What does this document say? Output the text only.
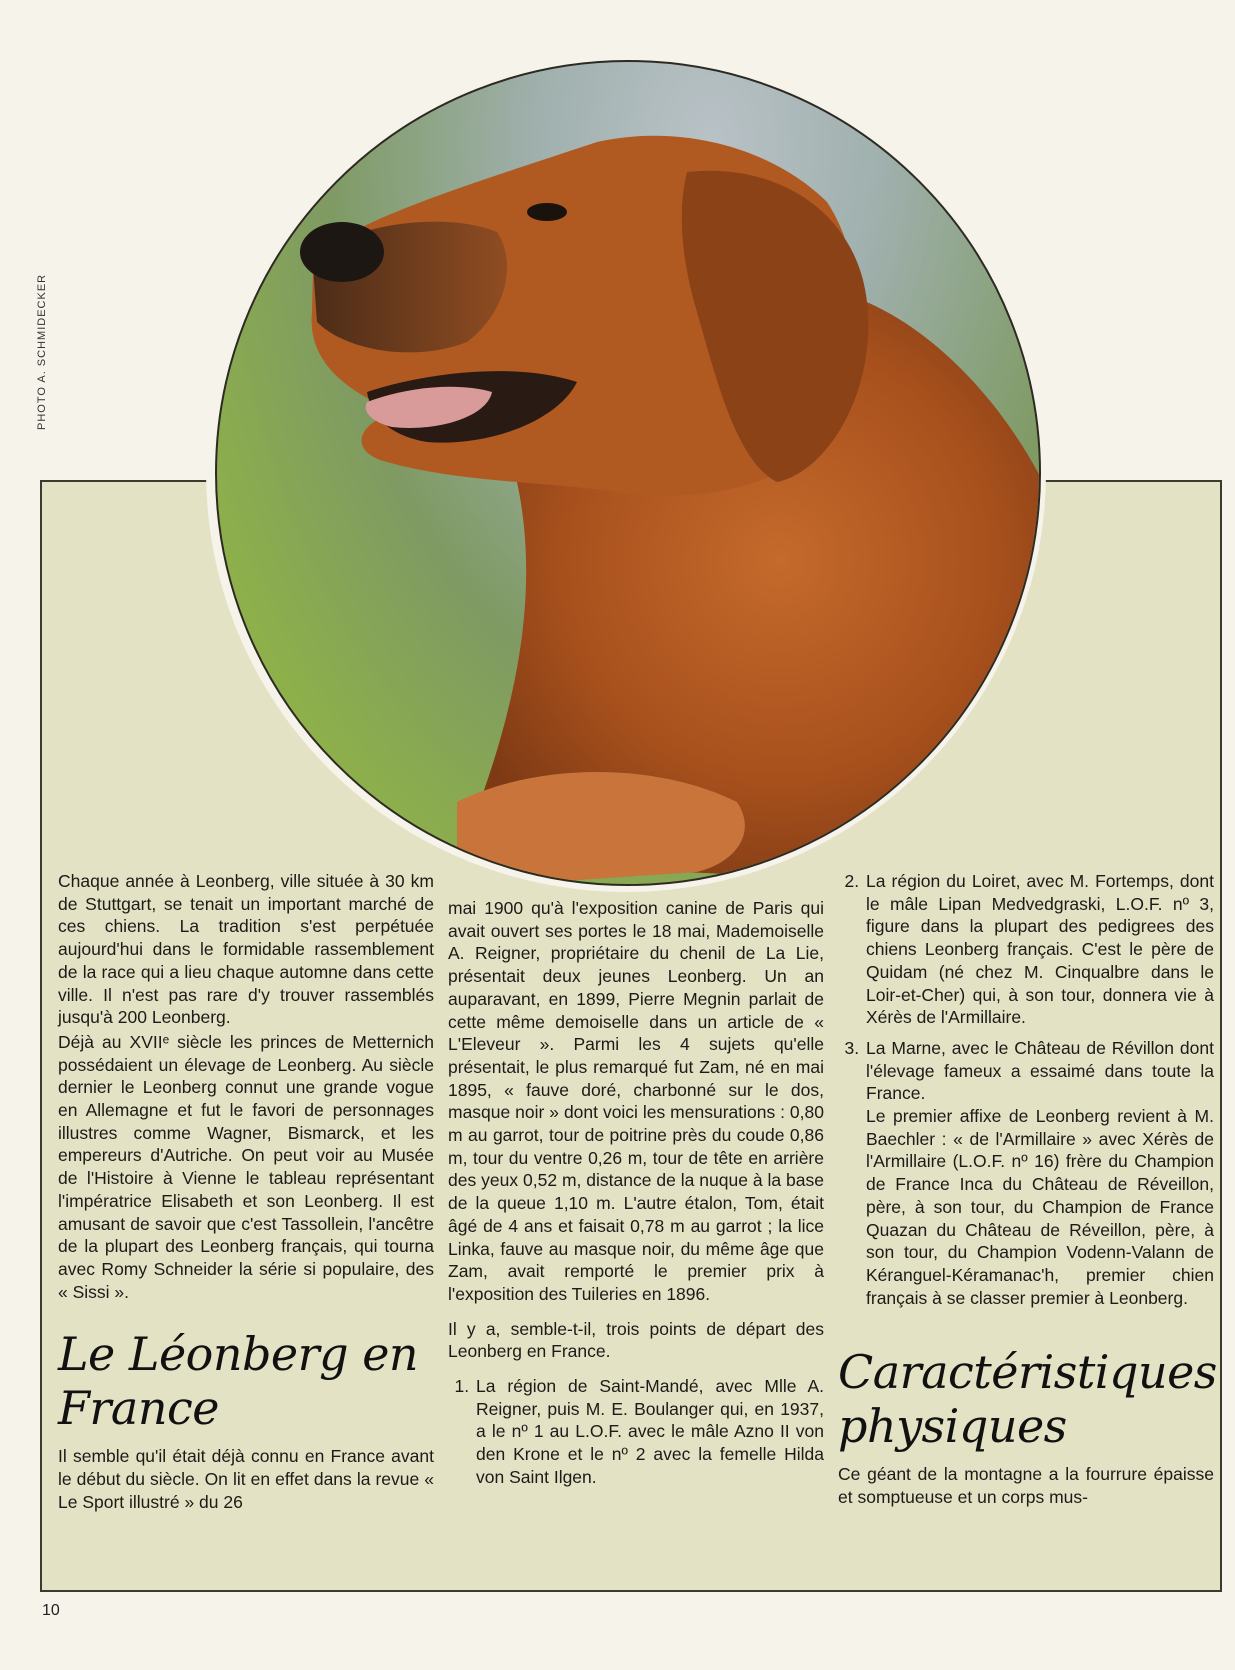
PHOTO A. SCHMIDECKER

Chaque année à Leonberg, ville située à 30 km de Stuttgart, se tenait un important marché de ces chiens. La tradition s'est perpétuée aujourd'hui dans le formidable rassemblement de la race qui a lieu chaque automne dans cette ville. Il n'est pas rare d'y trouver rassemblés jusqu'à 200 Leonberg.

Déjà au XVIIᵉ siècle les princes de Metternich possédaient un élevage de Leonberg. Au siècle dernier le Leonberg connut une grande vogue en Allemagne et fut le favori de personnages illustres comme Wagner, Bismarck, et les empereurs d'Autriche. On peut voir au Musée de l'Histoire à Vienne le tableau représentant l'impératrice Elisabeth et son Leonberg. Il est amusant de savoir que c'est Tassollein, l'ancêtre de la plupart des Leonberg français, qui tourna avec Romy Schneider la série si populaire, des « Sissi ».

Le Léonberg en France

Il semble qu'il était déjà connu en France avant le début du siècle. On lit en effet dans la revue « Le Sport illustré » du 26

mai 1900 qu'à l'exposition canine de Paris qui avait ouvert ses portes le 18 mai, Mademoiselle A. Reigner, propriétaire du chenil de La Lie, présentait deux jeunes Leonberg. Un an auparavant, en 1899, Pierre Megnin parlait de cette même demoiselle dans un article de « L'Eleveur ». Parmi les 4 sujets qu'elle présentait, le plus remarqué fut Zam, né en mai 1895, « fauve doré, charbonné sur le dos, masque noir » dont voici les mensurations : 0,80 m au garrot, tour de poitrine près du coude 0,86 m, tour du ventre 0,26 m, tour de tête en arrière des yeux 0,52 m, distance de la nuque à la base de la queue 1,10 m. L'autre étalon, Tom, était âgé de 4 ans et faisait 0,78 m au garrot ; la lice Linka, fauve au masque noir, du même âge que Zam, avait remporté le premier prix à l'exposition des Tuileries en 1896.

Il y a, semble-t-il, trois points de départ des Leonberg en France.

1. La région de Saint-Mandé, avec Mlle A. Reigner, puis M. E. Boulanger qui, en 1937, a le nº 1 au L.O.F. avec le mâle Azno II von den Krone et le nº 2 avec la femelle Hilda von Saint Ilgen.
2. La région du Loiret, avec M. Fortemps, dont le mâle Lipan Medvedgraski, L.O.F. nº 3, figure dans la plupart des pedigrees des chiens Leonberg français. C'est le père de Quidam (né chez M. Cinqualbre dans le Loir-et-Cher) qui, à son tour, donnera vie à Xérès de l'Armillaire.
3. La Marne, avec le Château de Révillon dont l'élevage fameux a essaimé dans toute la France.
Le premier affixe de Leonberg revient à M. Baechler : « de l'Armillaire » avec Xérès de l'Armillaire (L.O.F. nº 16) frère du Champion de France Inca du Château de Réveillon, père, à son tour, du Champion de France Quazan du Château de Réveillon, père, à son tour, du Champion Vodenn-Valann de Kéranguel-Kéramanac'h, premier chien français à se classer premier à Leonberg.
Caractéristiques physiques

Ce géant de la montagne a la fourrure épaisse et somptueuse et un corps mus-

10
